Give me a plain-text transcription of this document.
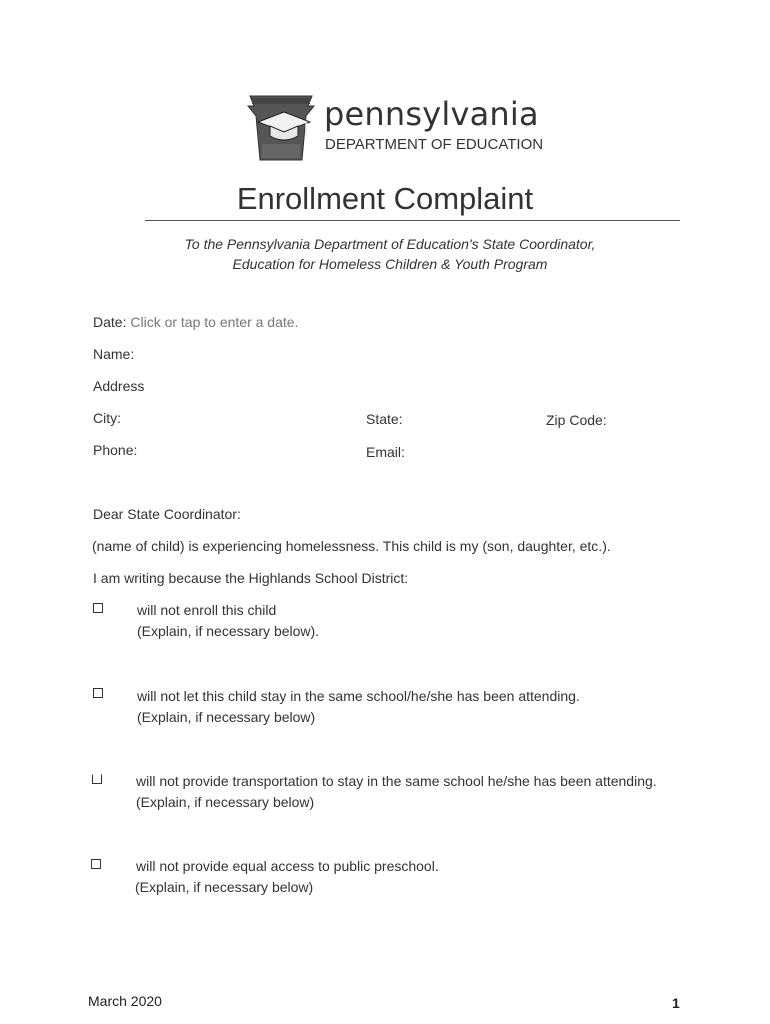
pennsylvania
DEPARTMENT OF EDUCATION
Enrollment Complaint
To the Pennsylvania Department of Education's State Coordinator,
Education for Homeless Children & Youth Program
Date: Click or tap to enter a date.
Name:
Address
City:	State:	Zip Code:
Phone:	Email:
Dear State Coordinator:
(name of child) is experiencing homelessness. This child is my (son, daughter, etc.).
I am writing because the Highlands School District:
will not enroll this child
(Explain, if necessary below).
will not let this child stay in the same school/he/she has been attending.
(Explain, if necessary below)
will not provide transportation to stay in the same school he/she has been attending.
(Explain, if necessary below)
will not provide equal access to public preschool.
(Explain, if necessary below)
March 2020	1
